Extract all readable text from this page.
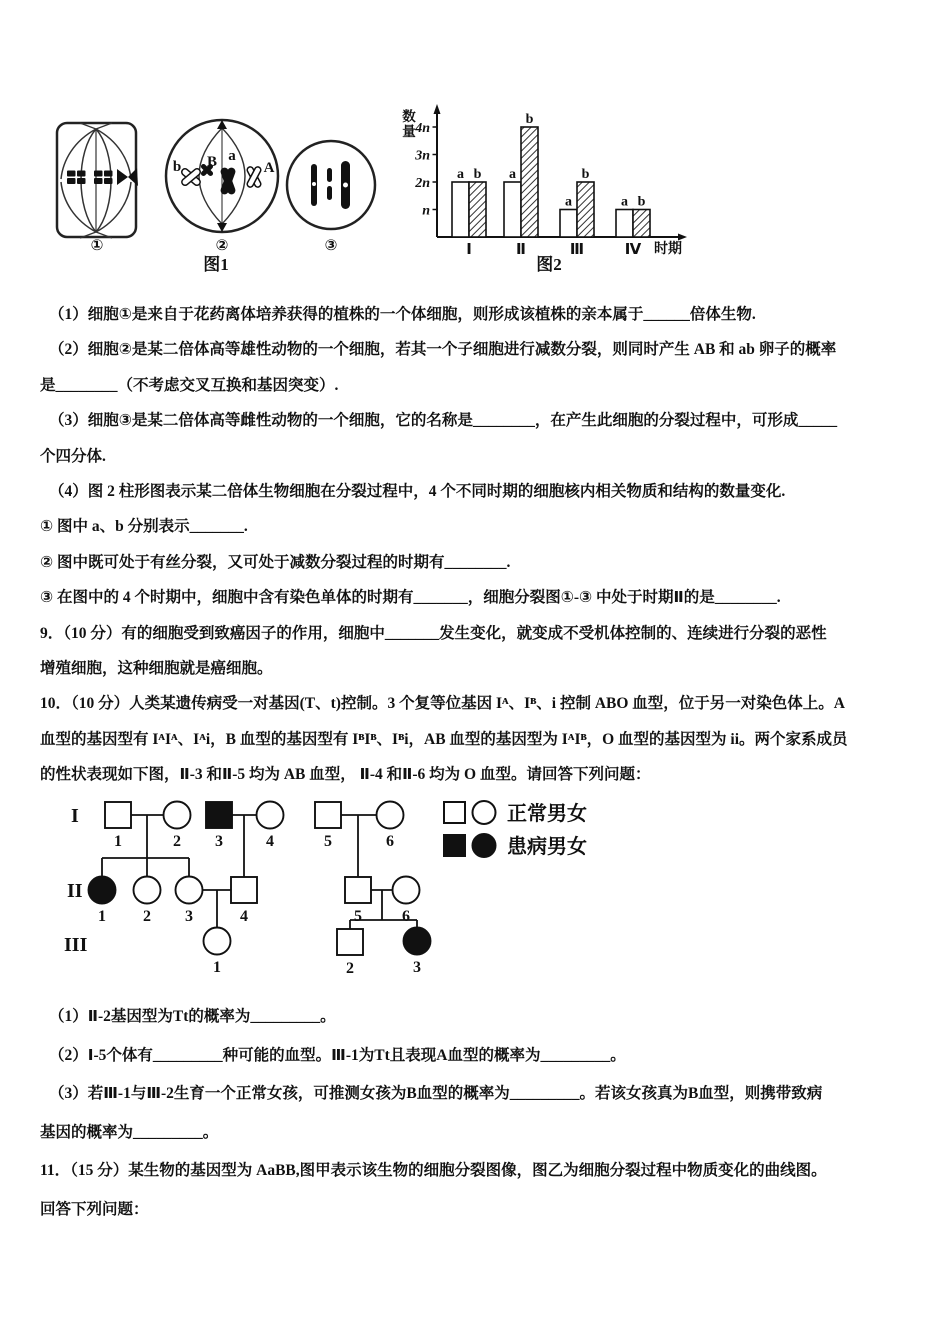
b B a
A
①	②	③
图1
n
2n
3n
4n
数
量
a	a
a	a
b
b
b
b
Ⅰ	Ⅱ	Ⅲ	Ⅳ 时期
图2

（1）细胞①是来自于花药离体培养获得的植株的一个体细胞，则形成该植株的亲本属于______倍体生物.

（2）细胞②是某二倍体高等雄性动物的一个细胞，若其一个子细胞进行减数分裂，则同时产生 AB 和 ab 卵子的概率

是________（不考虑交叉互换和基因突变）.

（3）细胞③是某二倍体高等雌性动物的一个细胞，它的名称是________，在产生此细胞的分裂过程中，可形成_____

个四分体.

（4）图 2 柱形图表示某二倍体生物细胞在分裂过程中，4 个不同时期的细胞核内相关物质和结构的数量变化.

① 图中 a、b 分别表示_______.

② 图中既可处于有丝分裂，又可处于减数分裂过程的时期有________.

③ 在图中的 4 个时期中，细胞中含有染色单体的时期有_______，细胞分裂图①-③ 中处于时期Ⅱ的是________.

9．（10 分）有的细胞受到致癌因子的作用，细胞中_______发生变化，就变成不受机体控制的、连续进行分裂的恶性

增殖细胞，这种细胞就是癌细胞。

10．（10 分）人类某遗传病受一对基因(T、t)控制。3 个复等位基因 Iᴬ、Iᴮ、i 控制 ABO 血型，位于另一对染色体上。A

血型的基因型有 IᴬIᴬ、Iᴬi，B 血型的基因型有 IᴮIᴮ、Iᴮi，AB 血型的基因型为 IᴬIᴮ，O 血型的基因型为 ii。两个家系成员

的性状表现如下图，Ⅱ-3 和Ⅱ-5 均为 AB 血型， Ⅱ-4 和Ⅱ-6 均为 O 血型。请回答下列问题：

1	2 3	4	5	6
1 2 3	4	5	6
1	2	3
I
II
III
正常男女
患病男女

（1）Ⅱ-2基因型为Tt的概率为_________。

（2）Ⅰ-5个体有_________种可能的血型。Ⅲ-1为Tt且表现A血型的概率为_________。

（3）若Ⅲ-1与Ⅲ-2生育一个正常女孩，可推测女孩为B血型的概率为_________。若该女孩真为B血型，则携带致病

基因的概率为_________。

11．（15 分）某生物的基因型为 AaBB,图甲表示该生物的细胞分裂图像，图乙为细胞分裂过程中物质变化的曲线图。

回答下列问题：
